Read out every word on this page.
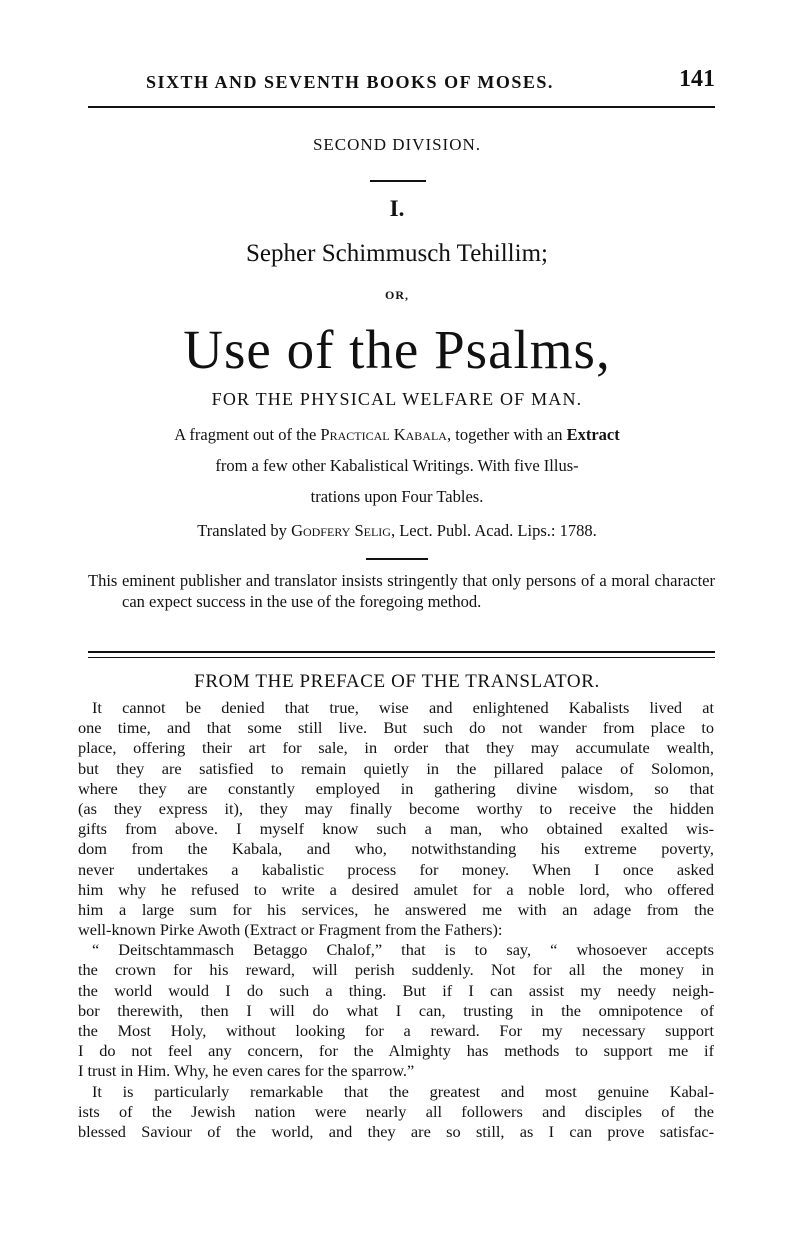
SIXTH AND SEVENTH BOOKS OF MOSES.	141
SECOND DIVISION.
I.
Sepher Schimmusch Tehillim;
OR,
Use of the Psalms,
FOR THE PHYSICAL WELFARE OF MAN.
A fragment out of the Practical Kabala, together with an Extract
from a few other Kabalistical Writings. With five Illus-
trations upon Four Tables.
Translated by Godfery Selig, Lect. Publ. Acad. Lips.: 1788.
This eminent publisher and translator insists stringently that only persons of a moral character can expect success in the use of the foregoing method.
FROM THE PREFACE OF THE TRANSLATOR.
It cannot be denied that true, wise and enlightened Kabalists lived at
one time, and that some still live. But such do not wander from place to
place, offering their art for sale, in order that they may accumulate wealth,
but they are satisfied to remain quietly in the pillared palace of Solomon,
where they are constantly employed in gathering divine wisdom, so that
(as they express it), they may finally become worthy to receive the hidden
gifts from above. I myself know such a man, who obtained exalted wis-
dom from the Kabala, and who, notwithstanding his extreme poverty,
never undertakes a kabalistic process for money. When I once asked
him why he refused to write a desired amulet for a noble lord, who offered
him a large sum for his services, he answered me with an adage from the
well-known Pirke Awoth (Extract or Fragment from the Fathers):
“ Deitschtammasch Betaggo Chalof,” that is to say, “ whosoever accepts
the crown for his reward, will perish suddenly. Not for all the money in
the world would I do such a thing. But if I can assist my needy neigh-
bor therewith, then I will do what I can, trusting in the omnipotence of
the Most Holy, without looking for a reward. For my necessary support
I do not feel any concern, for the Almighty has methods to support me if
I trust in Him. Why, he even cares for the sparrow.”
It is particularly remarkable that the greatest and most genuine Kabal-
ists of the Jewish nation were nearly all followers and disciples of the
blessed Saviour of the world, and they are so still, as I can prove satisfac-
